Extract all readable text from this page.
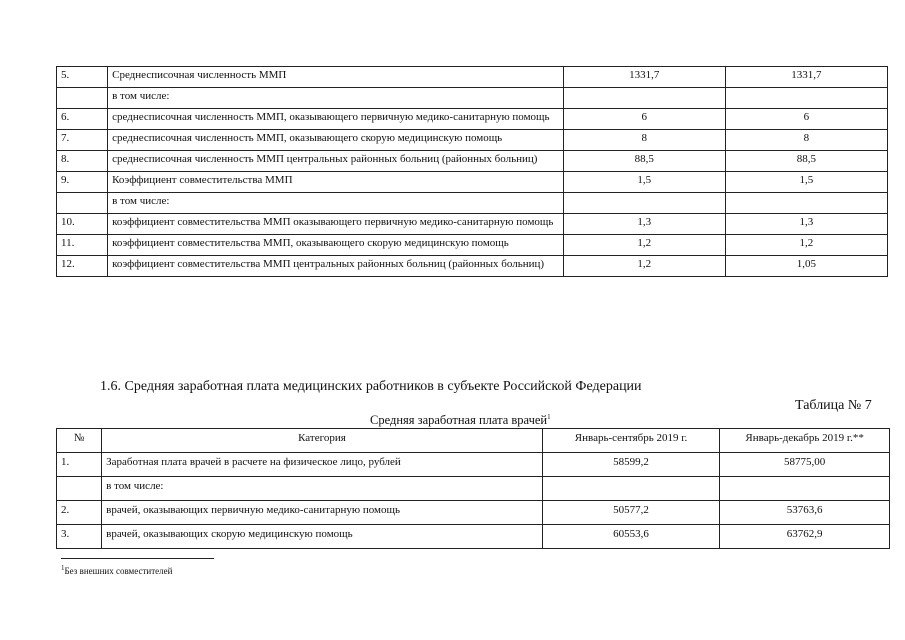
5.	Среднесписочная численность ММП	1331,7	1331,7
	в том числе:		
6.	среднесписочная численность ММП, оказывающего первичную медико-санитарную помощь	6	6
7.	среднесписочная численность ММП, оказывающего скорую медицинскую помощь	8	8
8.	среднесписочная численность ММП центральных районных больниц (районных больниц)	88,5	88,5
9.	Коэффициент совместительства ММП	1,5	1,5
	в том числе:		
10.	коэффициент совместительства ММП оказывающего первичную медико-санитарную помощь	1,3	1,3
11.	коэффициент совместительства ММП, оказывающего скорую медицинскую помощь	1,2	1,2
12.	коэффициент совместительства ММП центральных районных больниц (районных больниц)	1,2	1,05
1.6. Средняя заработная плата медицинских работников в субъекте Российской Федерации
Таблица № 7
Средняя заработная плата врачей$^1$
№	Категория	Январь-сентябрь 2019 г.	Январь-декабрь 2019 г.**
1.	Заработная плата врачей в расчете на физическое лицо, рублей	58599,2	58775,00
	в том числе:		
2.	врачей, оказывающих первичную медико-санитарную помощь	50577,2	53763,6
3.	врачей, оказывающих скорую медицинскую помощь	60553,6	63762,9
$^1$Без внешних совместителей
